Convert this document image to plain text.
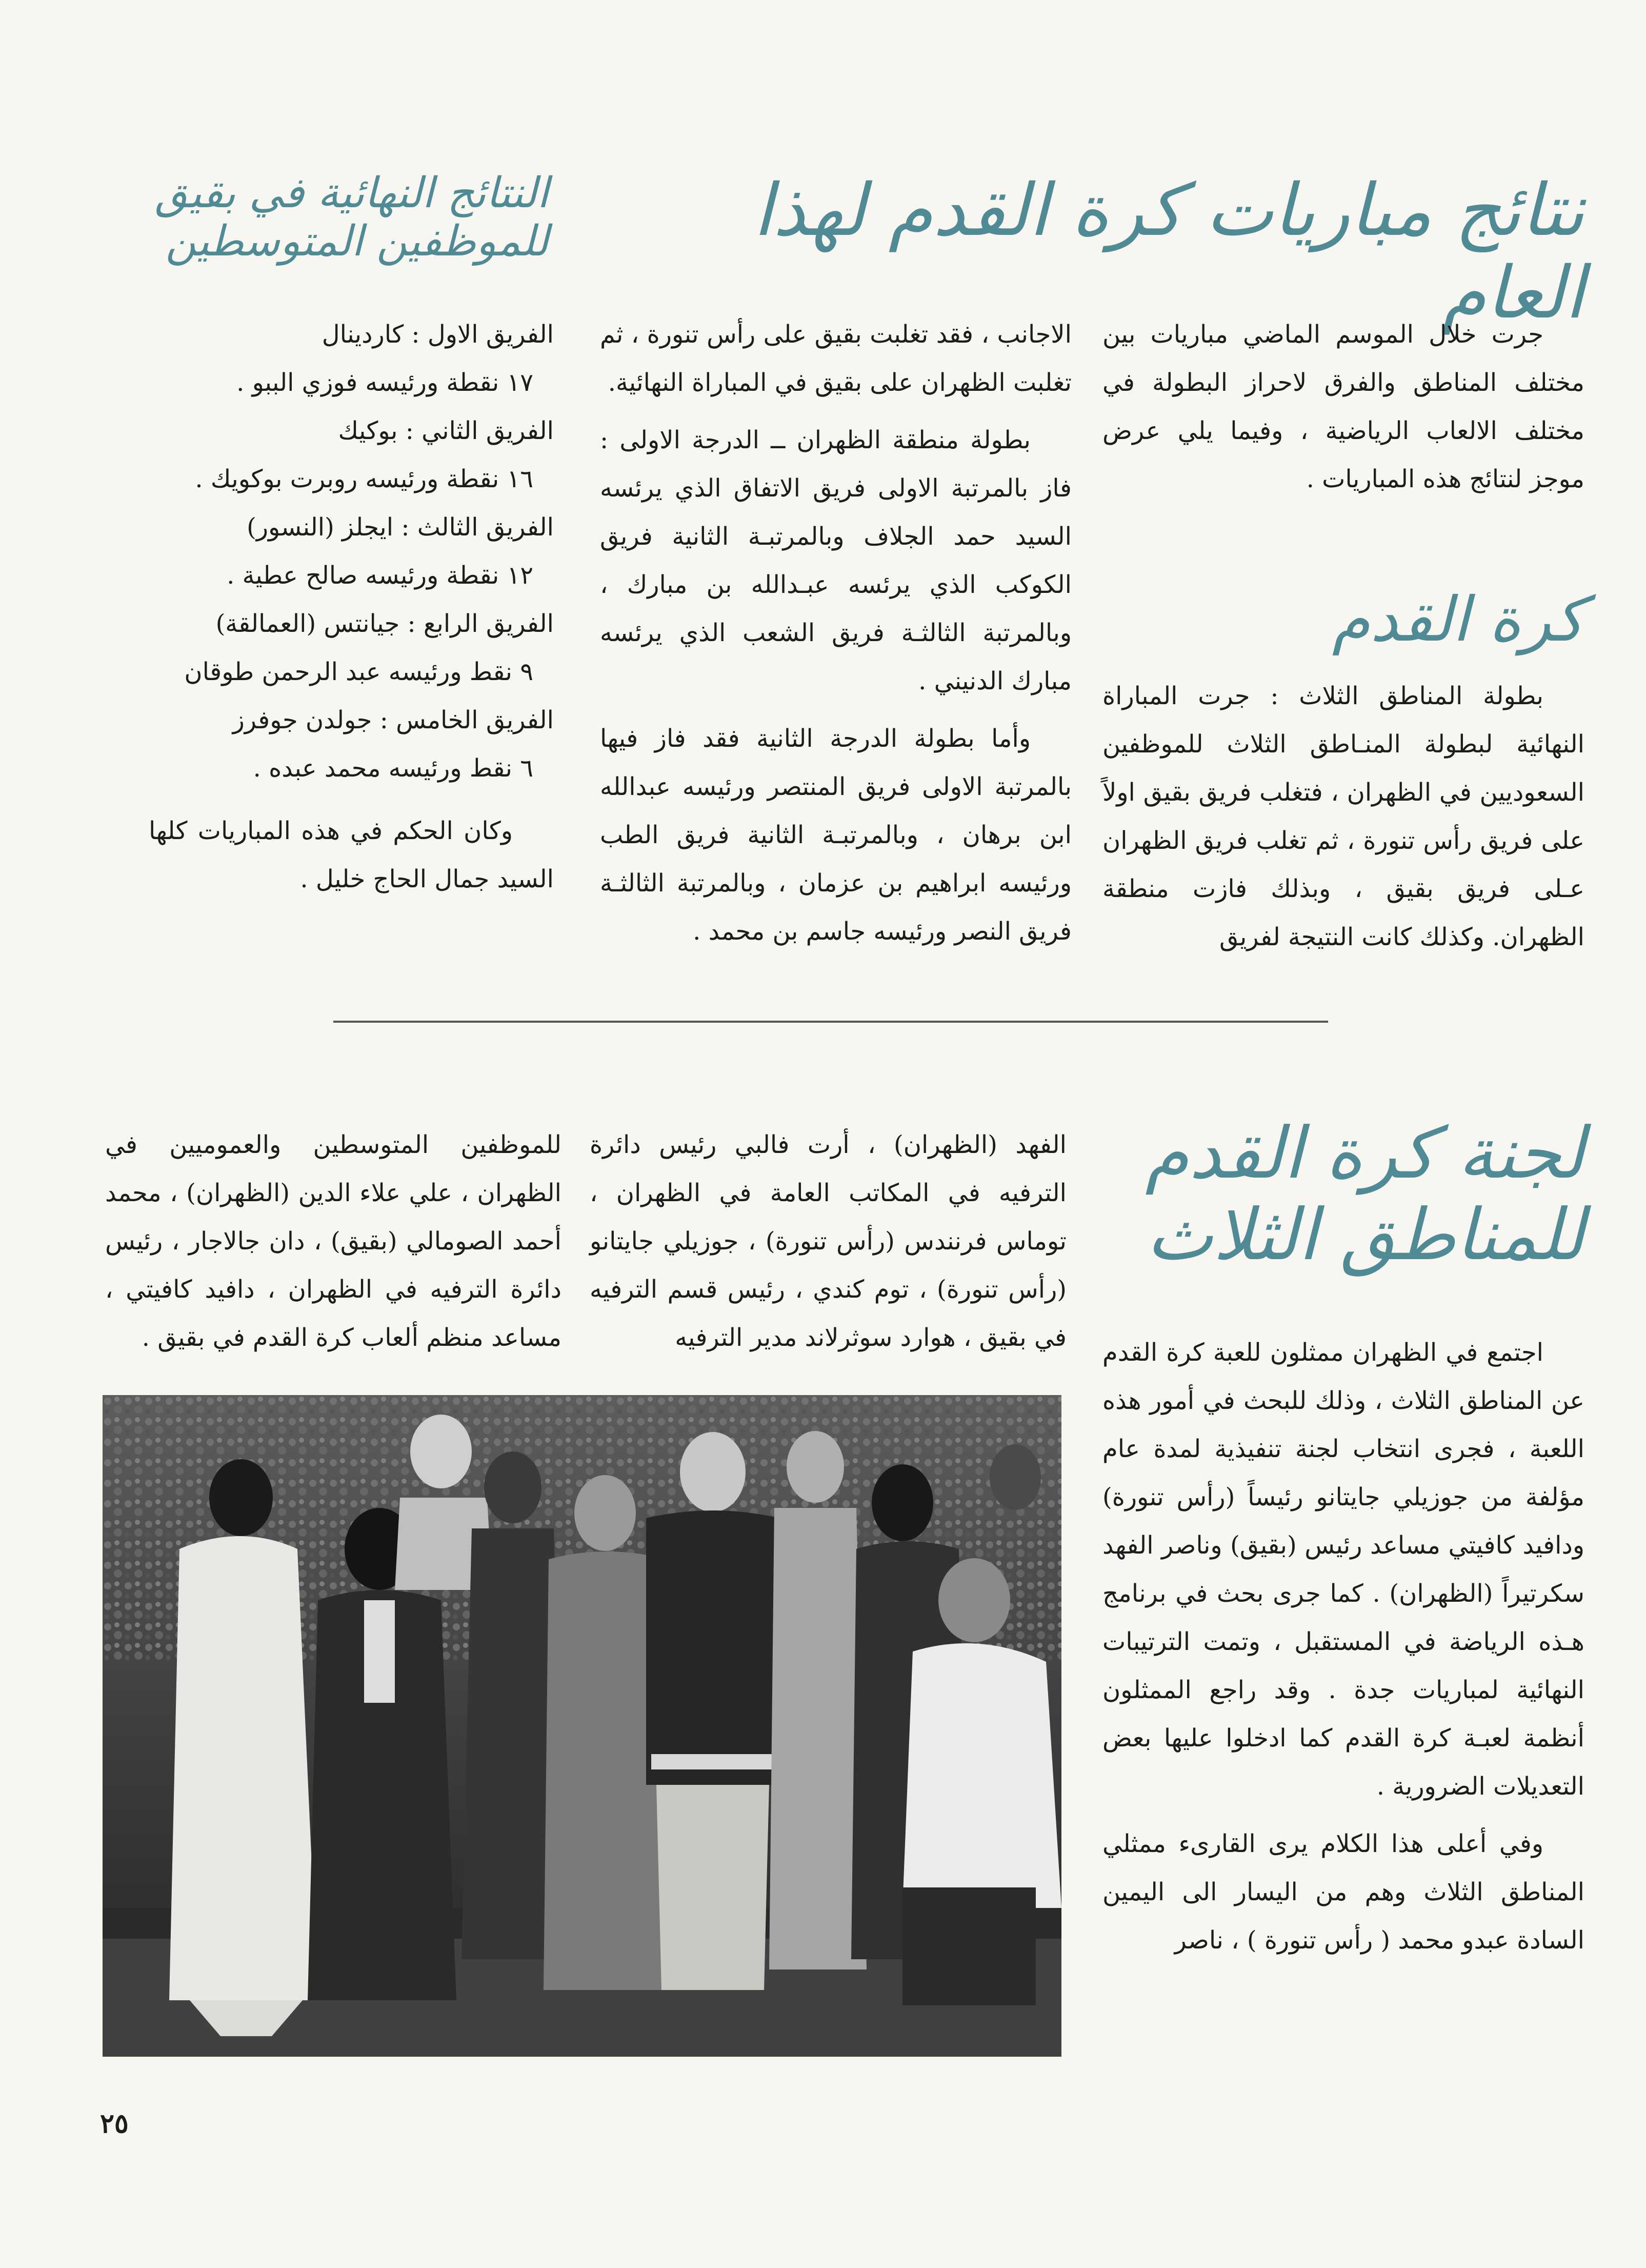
نتائج مباريات كرة القدم لهذا العام
النتائج النهائية في بقيق
للموظفين المتوسطين
كرة القدم
لجنة كرة القدم
للمناطق الثلاث

جرت خلال الموسم الماضي مباريات بين مختلف المناطق والفرق لاحراز البطولة في مختلف الالعاب الرياضية ، وفيما يلي عرض موجز لنتائج هذه المباريات .

بطولة المناطق الثلاث : جرت المباراة النهائية لبطولة المنـاطق الثلاث للموظفين السعوديين في الظهران ، فتغلب فريق بقيق اولاً على فريق رأس تنورة ، ثم تغلب فريق الظهران عـلى فريق بقيق ، وبذلك فازت منطقة الظهران. وكذلك كانت النتيجة لفريق

الاجانب ، فقد تغلبت بقيق على رأس تنورة ، ثم تغلبت الظهران على بقيق في المباراة النهائية.

بطولة منطقة الظهران ــ الدرجة الاولى : فاز بالمرتبة الاولى فريق الاتفاق الذي يرئسه السيد حمد الجلاف وبالمرتبـة الثانية فريق الكوكب الذي يرئسه عبـدالله بن مبارك ، وبالمرتبة الثالثـة فريق الشعب الذي يرئسه مبارك الدنيني .

وأما بطولة الدرجة الثانية فقد فاز فيها بالمرتبة الاولى فريق المنتصر ورئيسه عبدالله ابن برهان ، وبالمرتبـة الثانية فريق الطب ورئيسه ابراهيم بن عزمان ، وبالمرتبة الثالثـة فريق النصر ورئيسه جاسم بن محمد .

الفريق الاول : كاردينال
١٧ نقطة ورئيسه فوزي الببو .
الفريق الثاني : بوكيك
١٦ نقطة ورئيسه روبرت بوكويك .
الفريق الثالث : ايجلز (النسور)
١٢ نقطة ورئيسه صالح عطية .
الفريق الرابع : جيانتس (العمالقة)
٩ نقط ورئيسه عبد الرحمن طوقان
الفريق الخامس : جولدن جوفرز
٦ نقط ورئيسه محمد عبده .

وكان الحكم في هذه المباريات كلها السيد جمال الحاج خليل .

اجتمع في الظهران ممثلون للعبة كرة القدم عن المناطق الثلاث ، وذلك للبحث في أمور هذه اللعبة ، فجرى انتخاب لجنة تنفيذية لمدة عام مؤلفة من جوزيلي جايتانو رئيساً (رأس تنورة) ودافيد كافيتي مساعد رئيس (بقيق) وناصر الفهد سكرتيراً (الظهران) . كما جرى بحث في برنامج هـذه الرياضة في المستقبل ، وتمت الترتيبات النهائية لمباريات جدة . وقد راجع الممثلون أنظمة لعبـة كرة القدم كما ادخلوا عليها بعض التعديلات الضرورية .

وفي أعلى هذا الكلام يرى القارىء ممثلي المناطق الثلاث وهم من اليسار الى اليمين السادة عبدو محمد ( رأس تنورة ) ، ناصر

الفهد (الظهران) ، أرت فالبي رئيس دائرة الترفيه في المكاتب العامة في الظهران ، توماس فرنندس (رأس تنورة) ، جوزيلي جايتانو (رأس تنورة) ، توم كندي ، رئيس قسم الترفيه في بقيق ، هوارد سوثرلاند مدير الترفيه

للموظفين المتوسطين والعموميين في الظهران ، علي علاء الدين (الظهران) ، محمد أحمد الصومالي (بقيق) ، دان جالاجار ، رئيس دائرة الترفيه في الظهران ، دافيد كافيتي ، مساعد منظم ألعاب كرة القدم في بقيق .

٢٥
